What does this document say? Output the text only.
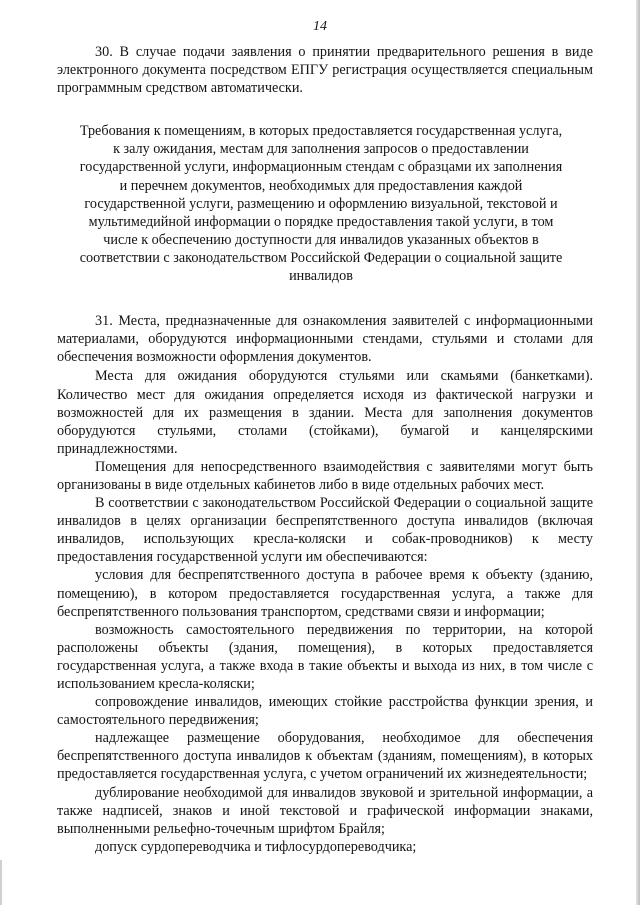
14

30. В случае подачи заявления о принятии предварительного решения в виде электронного документа посредством ЕПГУ регистрация осуществляется специальным программным средством автоматически.

Требования к помещениям, в которых предоставляется государственная услуга, к залу ожидания, местам для заполнения запросов о предоставлении государственной услуги, информационным стендам с образцами их заполнения и перечнем документов, необходимых для предоставления каждой государственной услуги, размещению и оформлению визуальной, текстовой и мультимедийной информации о порядке предоставления такой услуги, в том числе к обеспечению доступности для инвалидов указанных объектов в соответствии с законодательством Российской Федерации о социальной защите инвалидов

31. Места, предназначенные для ознакомления заявителей с информационными материалами, оборудуются информационными стендами, стульями и столами для обеспечения возможности оформления документов.

Места для ожидания оборудуются стульями или скамьями (банкетками). Количество мест для ожидания определяется исходя из фактической нагрузки и возможностей для их размещения в здании. Места для заполнения документов оборудуются стульями, столами (стойками), бумагой и канцелярскими принадлежностями.

Помещения для непосредственного взаимодействия с заявителями могут быть организованы в виде отдельных кабинетов либо в виде отдельных рабочих мест.

В соответствии с законодательством Российской Федерации о социальной защите инвалидов в целях организации беспрепятственного доступа инвалидов (включая инвалидов, использующих кресла-коляски и собак-проводников) к месту предоставления государственной услуги им обеспечиваются:

условия для беспрепятственного доступа в рабочее время к объекту (зданию, помещению), в котором предоставляется государственная услуга, а также для беспрепятственного пользования транспортом, средствами связи и информации;

возможность самостоятельного передвижения по территории, на которой расположены объекты (здания, помещения), в которых предоставляется государственная услуга, а также входа в такие объекты и выхода из них, в том числе с использованием кресла-коляски;

сопровождение инвалидов, имеющих стойкие расстройства функции зрения, и самостоятельного передвижения;

надлежащее размещение оборудования, необходимое для обеспечения беспрепятственного доступа инвалидов к объектам (зданиям, помещениям), в которых предоставляется государственная услуга, с учетом ограничений их жизнедеятельности;

дублирование необходимой для инвалидов звуковой и зрительной информации, а также надписей, знаков и иной текстовой и графической информации знаками, выполненными рельефно-точечным шрифтом Брайля;

допуск сурдопереводчика и тифлосурдопереводчика;
